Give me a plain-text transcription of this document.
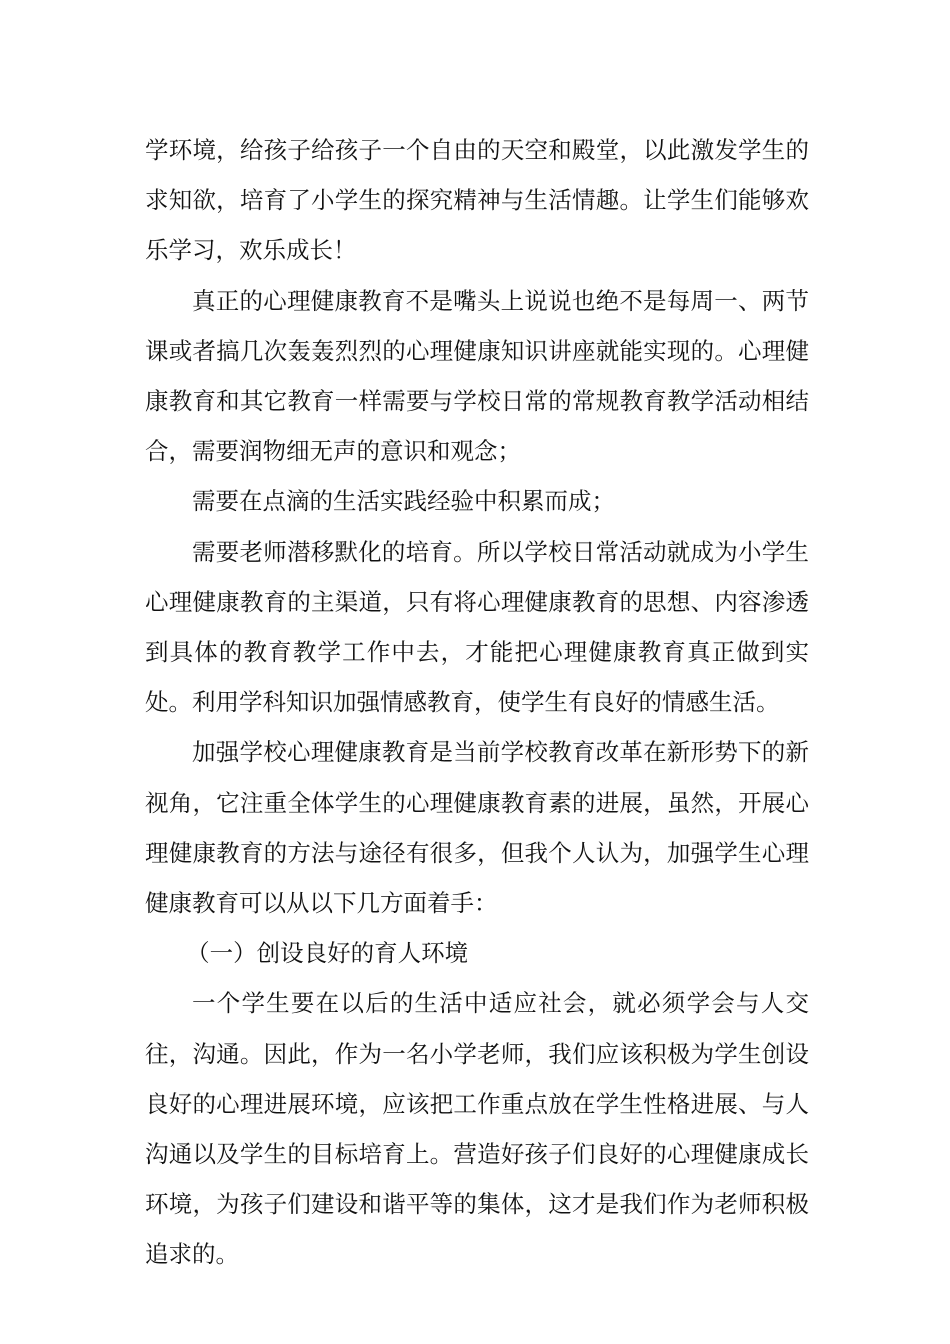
学环境，给孩子给孩子一个自由的天空和殿堂，以此激发学生的求知欲，培育了小学生的探究精神与生活情趣。让学生们能够欢乐学习，欢乐成长！

真正的心理健康教育不是嘴头上说说也绝不是每周一、两节课或者搞几次轰轰烈烈的心理健康知识讲座就能实现的。心理健康教育和其它教育一样需要与学校日常的常规教育教学活动相结合，需要润物细无声的意识和观念；

需要在点滴的生活实践经验中积累而成；

需要老师潜移默化的培育。所以学校日常活动就成为小学生心理健康教育的主渠道，只有将心理健康教育的思想、内容渗透到具体的教育教学工作中去，才能把心理健康教育真正做到实处。利用学科知识加强情感教育，使学生有良好的情感生活。

加强学校心理健康教育是当前学校教育改革在新形势下的新视角，它注重全体学生的心理健康教育素的进展，虽然，开展心理健康教育的方法与途径有很多，但我个人认为，加强学生心理健康教育可以从以下几方面着手：

（一）创设良好的育人环境

一个学生要在以后的生活中适应社会，就必须学会与人交往，沟通。因此，作为一名小学老师，我们应该积极为学生创设良好的心理进展环境，应该把工作重点放在学生性格进展、与人沟通以及学生的目标培育上。营造好孩子们良好的心理健康成长环境，为孩子们建设和谐平等的集体，这才是我们作为老师积极追求的。
